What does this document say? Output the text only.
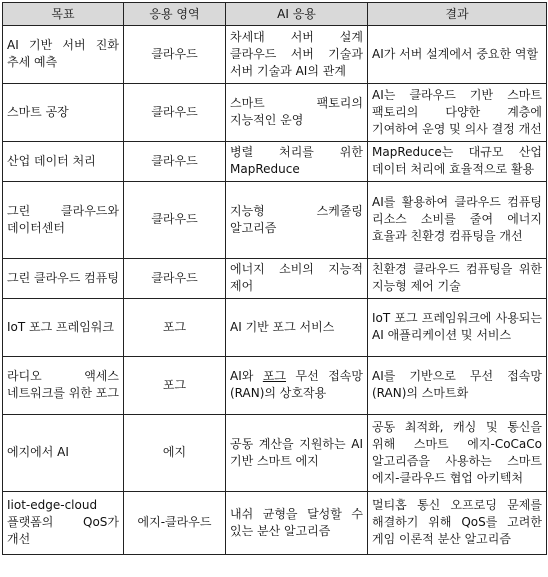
목표	응용 영역	AI 응용	결과
AI 기반 서버 진화 추세 예측	클라우드	차세대 서버 설계 클라우드 서버 기술과 서버 기술과 AI의 관계	AI가 서버 설계에서 중요한 역할
스마트 공장	클라우드	스마트 팩토리의 지능적인 운영	AI는 클라우드 기반 스마트 팩토리의 다양한 계층에 기여하여 운영 및 의사 결정 개선
산업 데이터 처리	클라우드	병렬 처리를 위한 MapReduce	MapReduce는 대규모 산업 데이터 처리에 효율적으로 활용
그린 클라우드와 데이터센터	클라우드	지능형 스케줄링 알고리즘	AI를 활용하여 클라우드 컴퓨팅 리소스 소비를 줄여 에너지 효율과 친환경 컴퓨팅을 개선
그린 클라우드 컴퓨팅	클라우드	에너지 소비의 지능적 제어	친환경 클라우드 컴퓨팅을 위한 지능형 제어 기술
IoT 포그 프레임워크	포그	AI 기반 포그 서비스	IoT 포그 프레임워크에 사용되는 AI 애플리케이션 및 서비스
라디오 액세스 네트워크를 위한 포그	포그	AI와 포그 무선 접속망(RAN)의 상호작용	AI를 기반으로 무선 접속망(RAN)의 스마트화
에지에서 AI	에지	공동 계산을 지원하는 AI 기반 스마트 에지	공동 최적화, 캐싱 및 통신을 위해 스마트 에지-CoCaCo 알고리즘을 사용하는 스마트 에지-클라우드 협업 아키텍처
Iiot-edge-cloud 플랫폼의 QoS가 개선	에지-클라우드	내쉬 균형을 달성할 수 있는 분산 알고리즘	멀티홉 통신 오프로딩 문제를 해결하기 위해 QoS를 고려한 게임 이론적 분산 알고리즘
